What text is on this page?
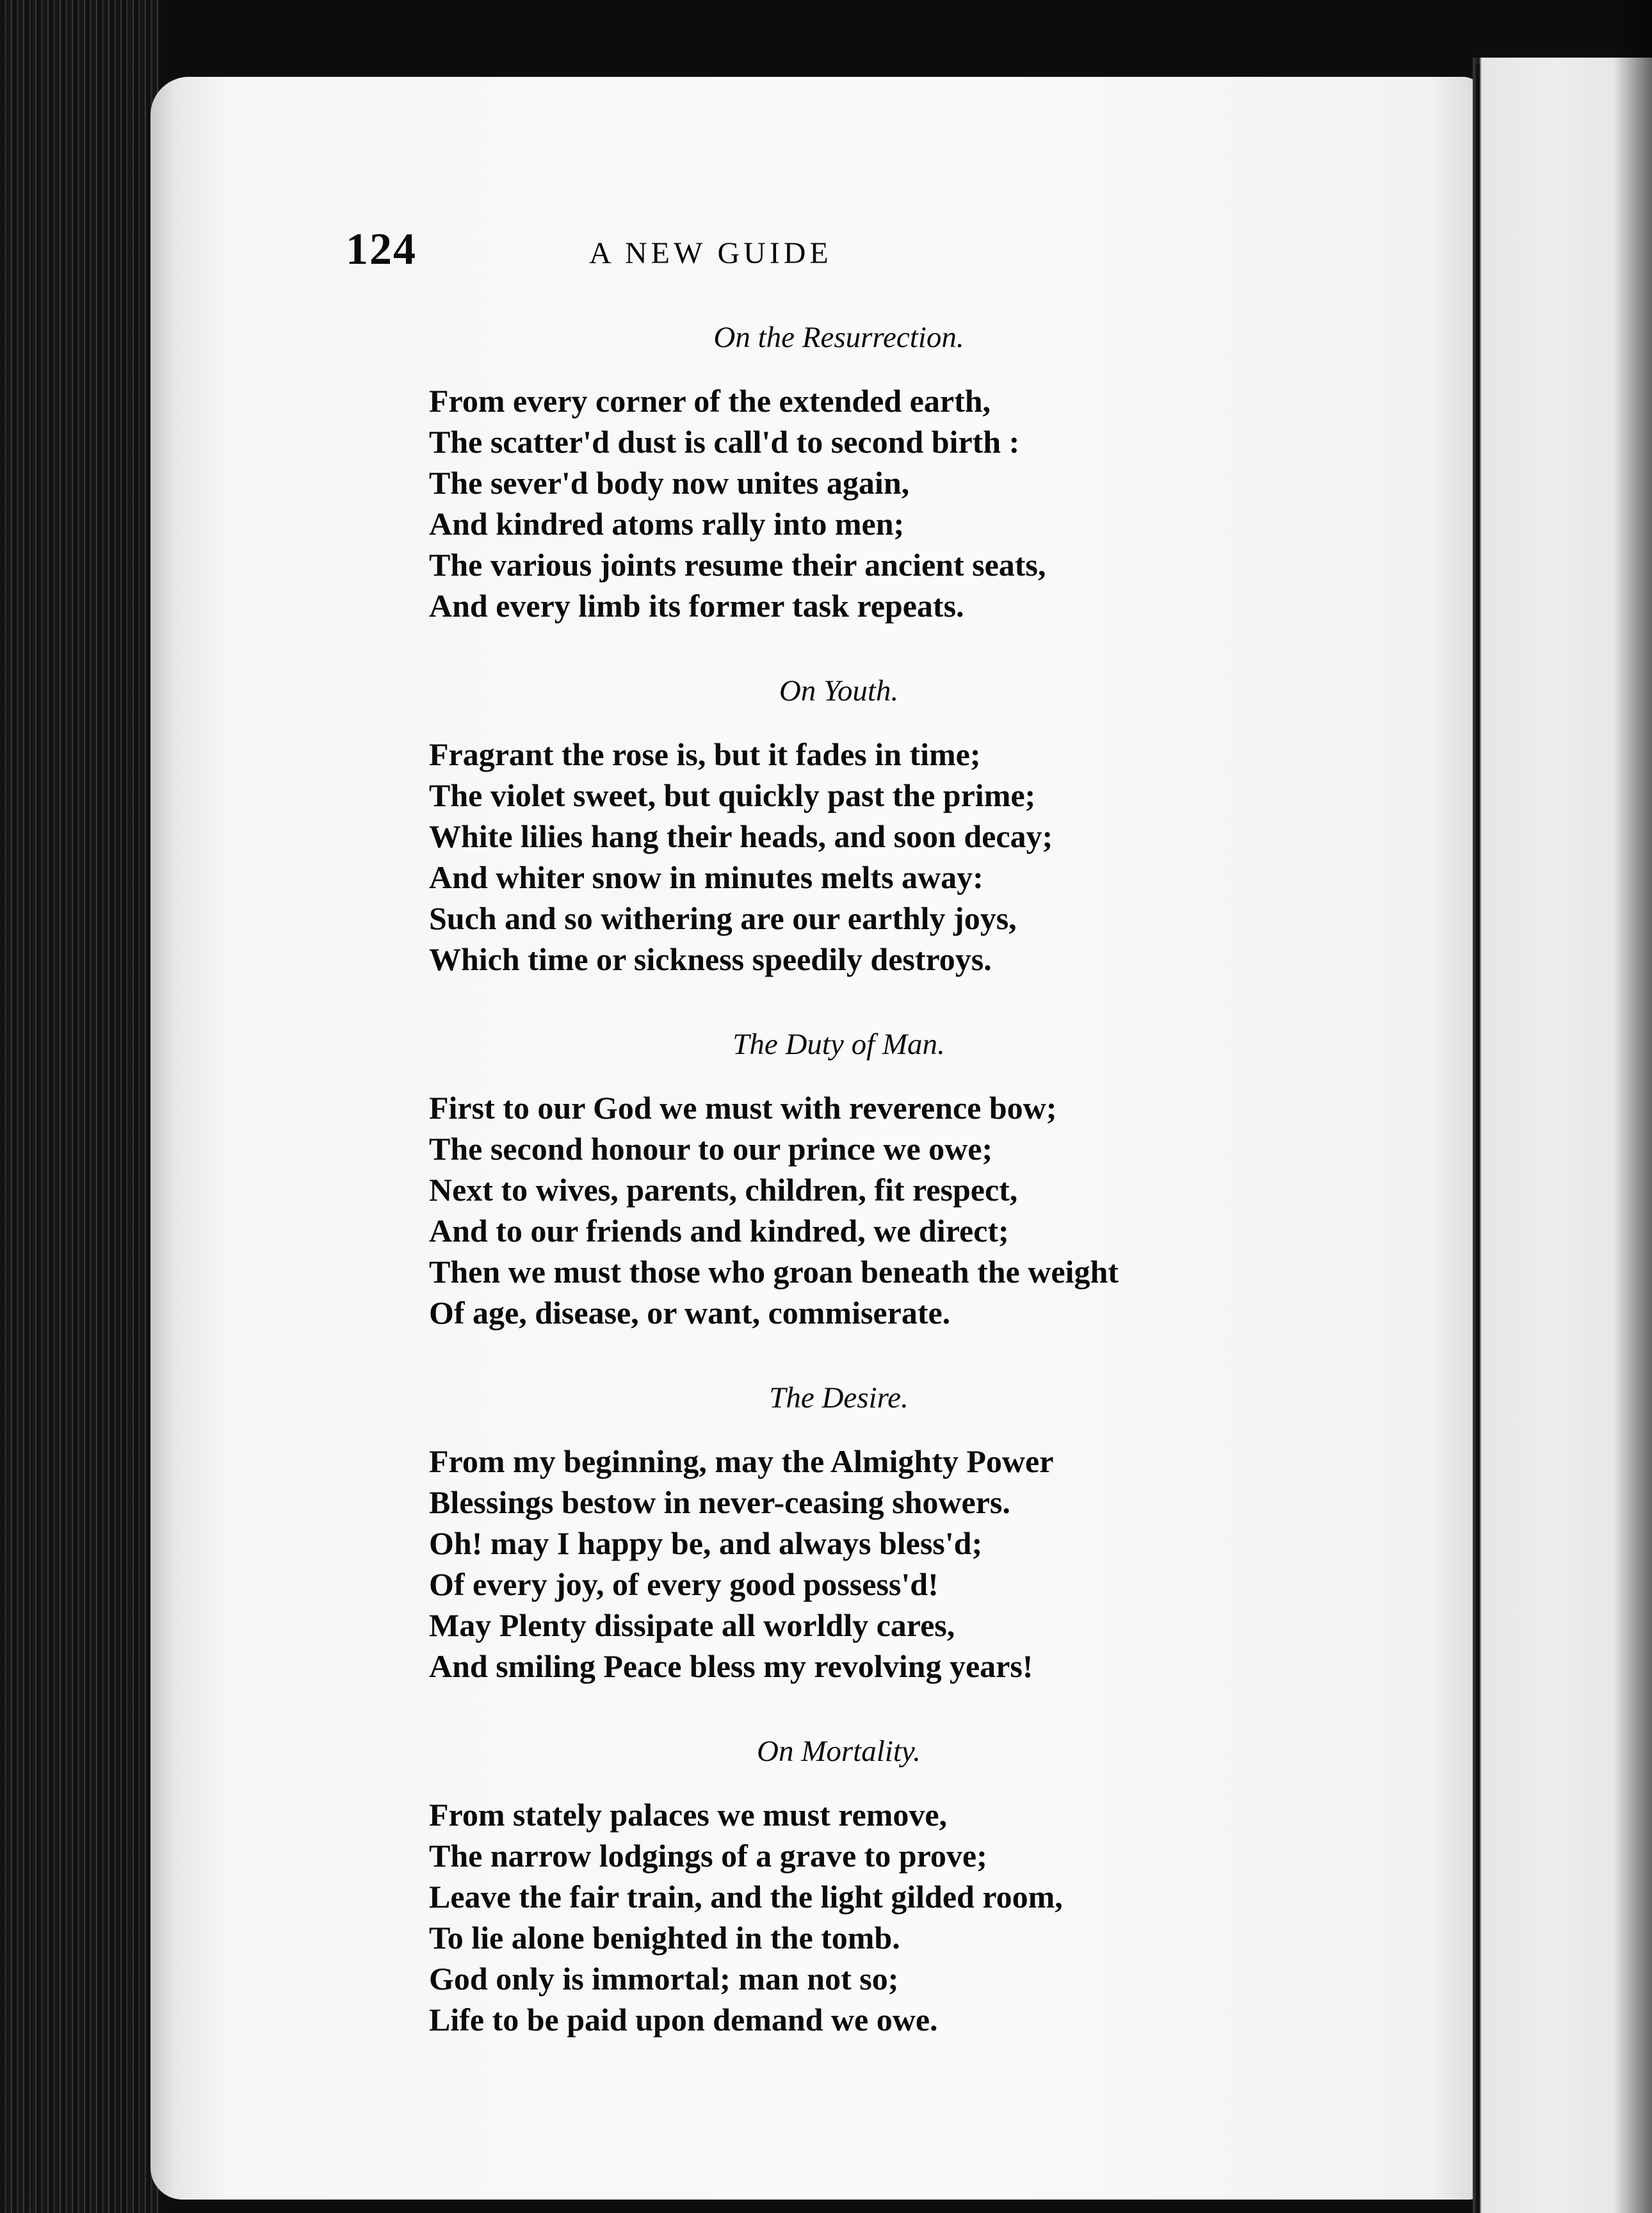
124	A NEW GUIDE
On the Resurrection.
From every corner of the extended earth,
The scatter'd dust is call'd to second birth :
The sever'd body now unites again,
And kindred atoms rally into men;
The various joints resume their ancient seats,
And every limb its former task repeats.
On Youth.
Fragrant the rose is, but it fades in time;
The violet sweet, but quickly past the prime;
White lilies hang their heads, and soon decay;
And whiter snow in minutes melts away:
Such and so withering are our earthly joys,
Which time or sickness speedily destroys.
The Duty of Man.
First to our God we must with reverence bow;
The second honour to our prince we owe;
Next to wives, parents, children, fit respect,
And to our friends and kindred, we direct;
Then we must those who groan beneath the weight
Of age, disease, or want, commiserate.
The Desire.
From my beginning, may the Almighty Power
Blessings bestow in never-ceasing showers.
Oh! may I happy be, and always bless'd;
Of every joy, of every good possess'd!
May Plenty dissipate all worldly cares,
And smiling Peace bless my revolving years!
On Mortality.
From stately palaces we must remove,
The narrow lodgings of a grave to prove;
Leave the fair train, and the light gilded room,
To lie alone benighted in the tomb.
God only is immortal; man not so;
Life to be paid upon demand we owe.
